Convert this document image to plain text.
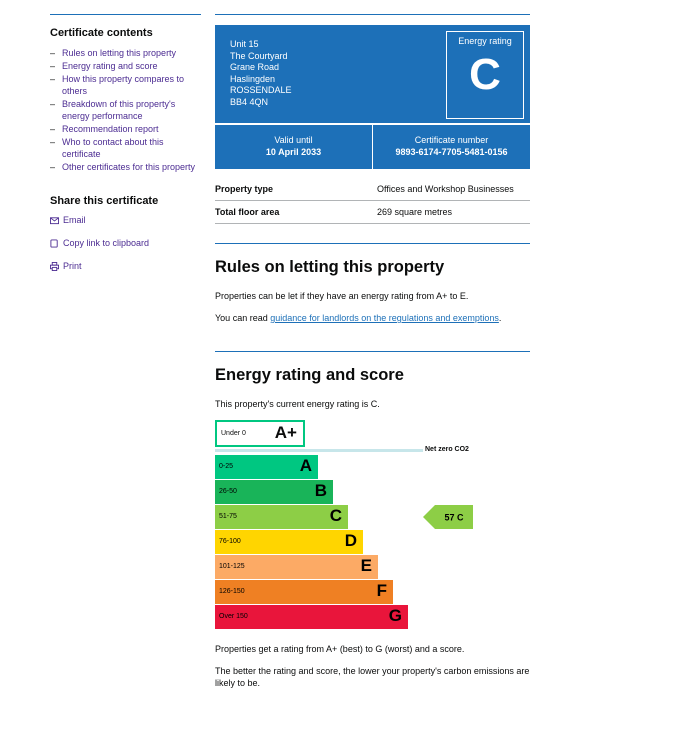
Certificate contents
– Rules on letting this property
– Energy rating and score
– How this property compares to others
– Breakdown of this property's energy performance
– Recommendation report
– Who to contact about this certificate
– Other certificates for this property
Share this certificate
Email
Copy link to clipboard
Print
Unit 15
The Courtyard
Grane Road
Haslingden
ROSSENDALE
BB4 4QN
Energy rating
C
Valid until
10 April 2033
Certificate number
9893-6174-7705-5481-0156
Property type	Offices and Workshop Businesses
Total floor area	269 square metres
Rules on letting this property

Properties can be let if they have an energy rating from A+ to E.

You can read guidance for landlords on the regulations and exemptions.

Energy rating and score

This property's current energy rating is C.

Under 0 A+
Net zero CO2
0-25	A
26-50	B
51-75	C
76-100	D
101-125	E
126-150	F
Over 150	G
57 C

Properties get a rating from A+ (best) to G (worst) and a score.

The better the rating and score, the lower your property's carbon emissions are likely to be.
